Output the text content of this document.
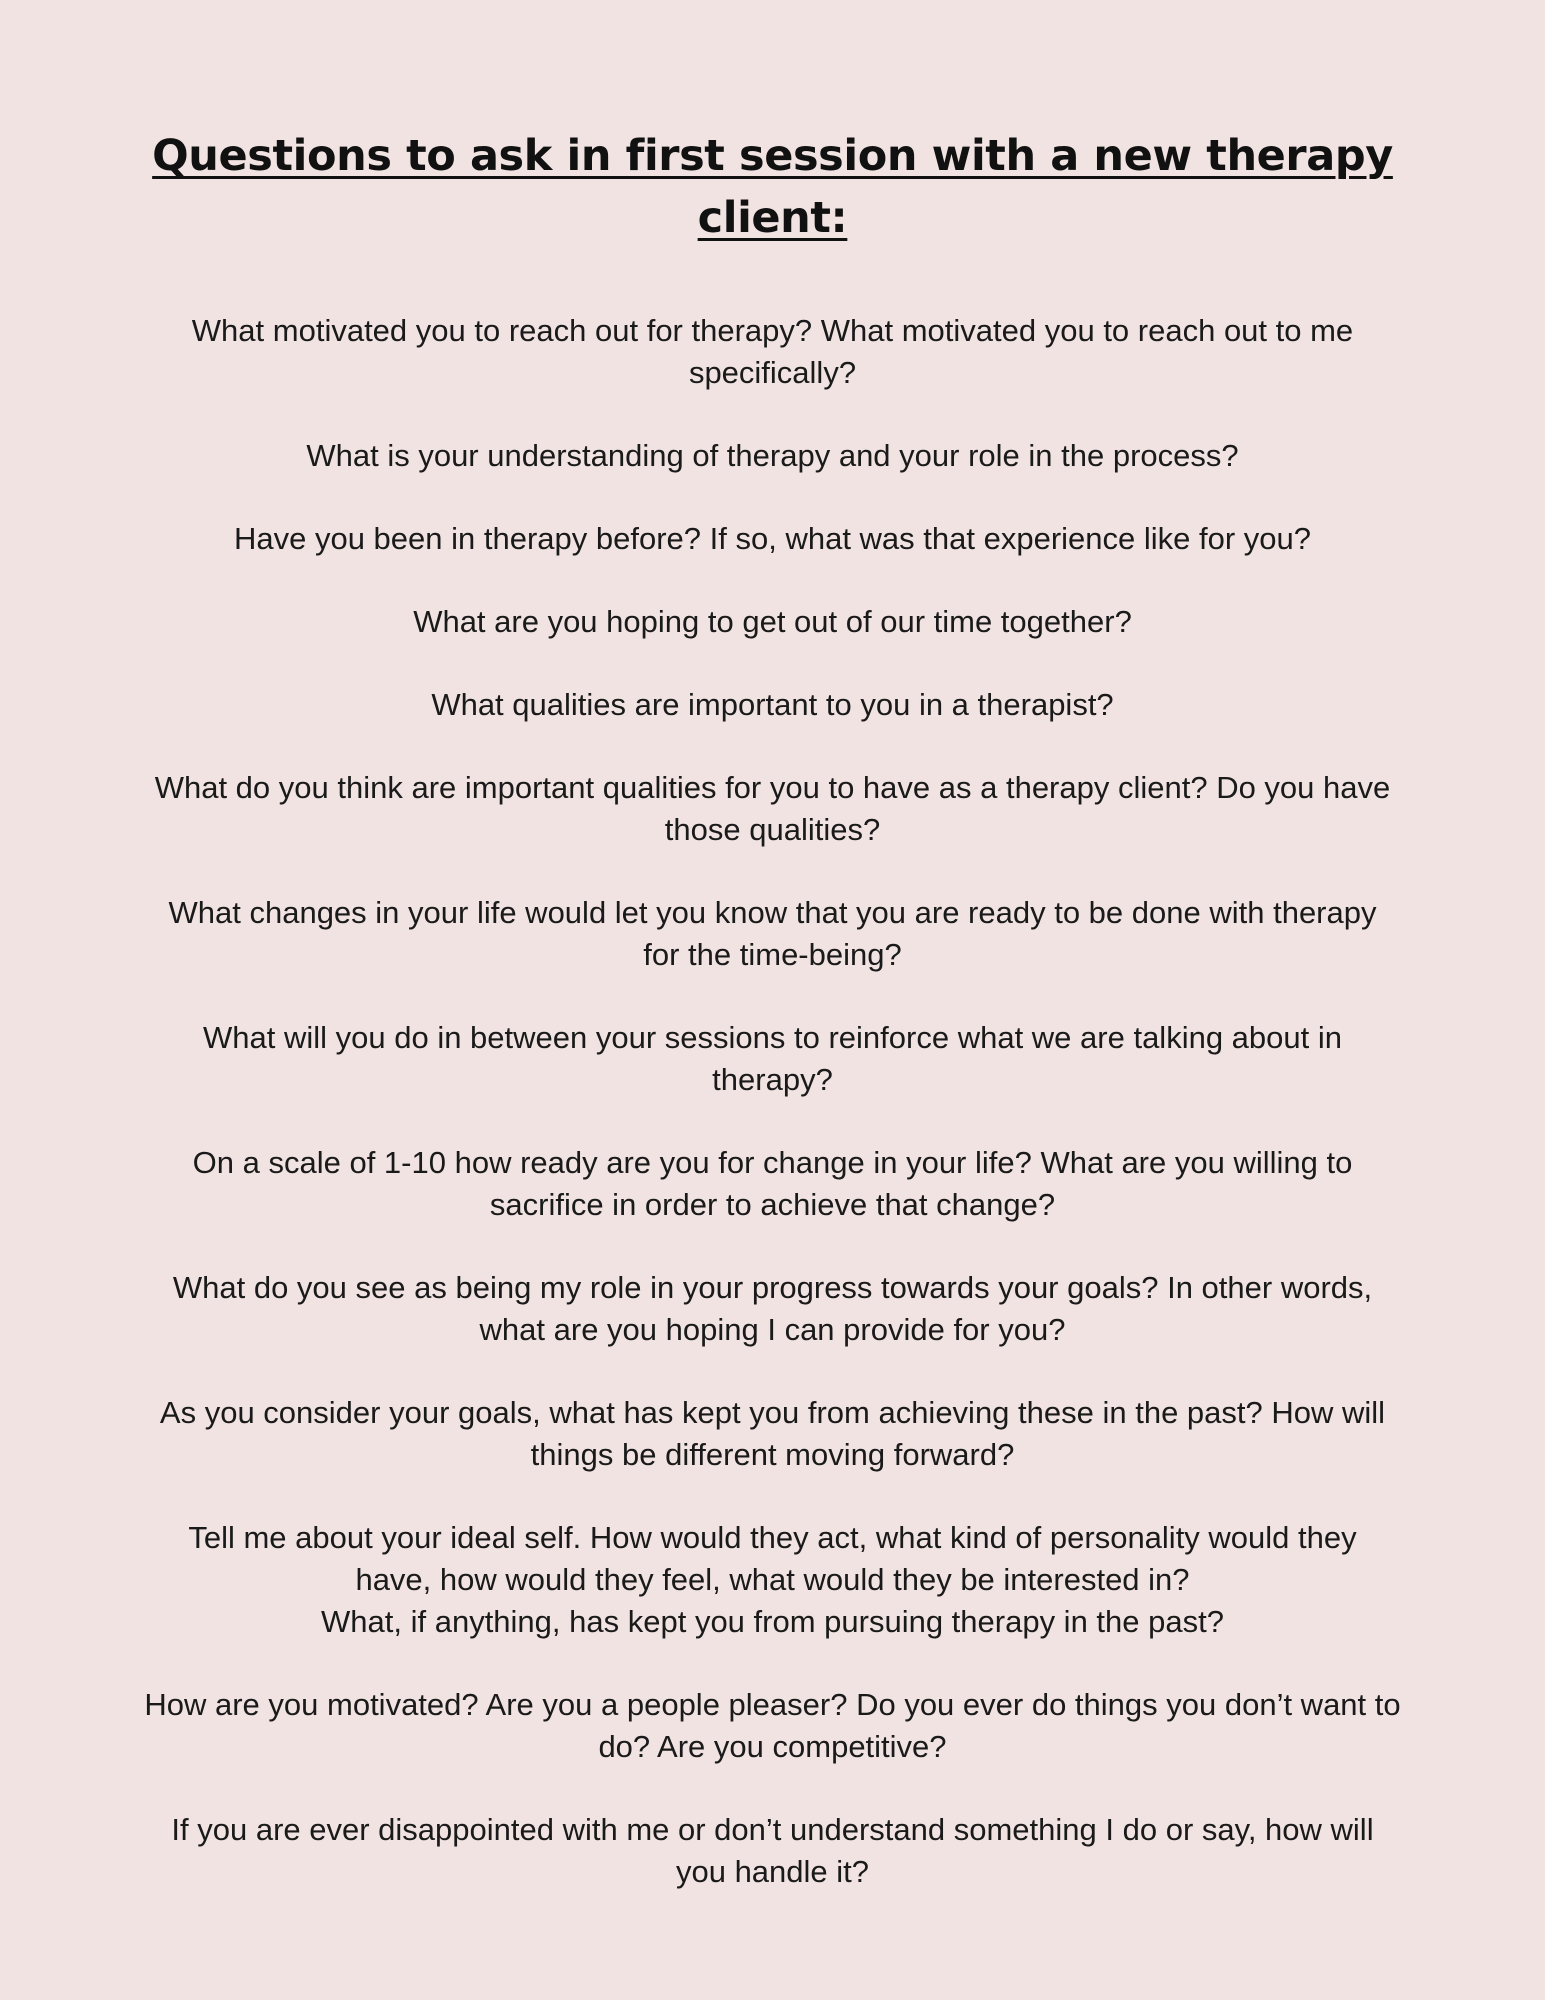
Questions to ask in first session with a new therapy client:
What motivated you to reach out for therapy? What motivated you to reach out to me
specifically?
What is your understanding of therapy and your role in the process?
Have you been in therapy before? If so, what was that experience like for you?
What are you hoping to get out of our time together?
What qualities are important to you in a therapist?
What do you think are important qualities for you to have as a therapy client? Do you have
those qualities?
What changes in your life would let you know that you are ready to be done with therapy
for the time-being?
What will you do in between your sessions to reinforce what we are talking about in
therapy?
On a scale of 1-10 how ready are you for change in your life? What are you willing to
sacrifice in order to achieve that change?
What do you see as being my role in your progress towards your goals? In other words,
what are you hoping I can provide for you?
As you consider your goals, what has kept you from achieving these in the past? How will
things be different moving forward?
Tell me about your ideal self. How would they act, what kind of personality would they
have, how would they feel, what would they be interested in?
What, if anything, has kept you from pursuing therapy in the past?
How are you motivated? Are you a people pleaser? Do you ever do things you don’t want to
do? Are you competitive?
If you are ever disappointed with me or don’t understand something I do or say, how will
you handle it?
